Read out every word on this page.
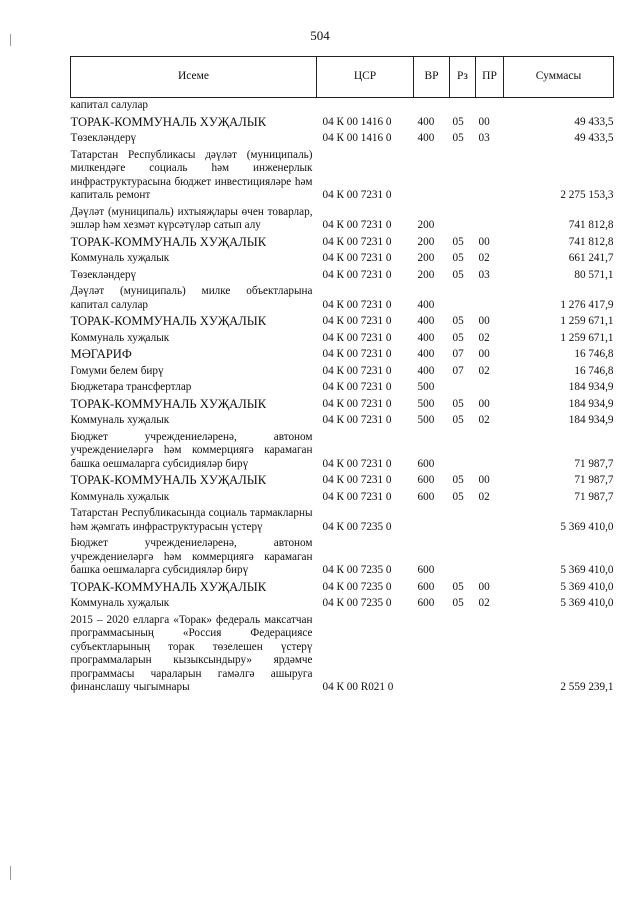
504
Исеме	ЦСР	ВР	Рз	ПР	Суммасы
капитал салулар					
ТОРАК-КОММУНАЛЬ ХУҖАЛЫК	04 К 00 1416 0	400	05	00	49 433,5
Төзекләндерү	04 К 00 1416 0	400	05	03	49 433,5
Татарстан Республикасы дәүләт (муниципаль) милкендәге социаль һәм инженерлык инфраструктурасына бюджет инвестицияләре һәм капиталь ремонт	04 К 00 7231 0				2 275 153,3
Дәүләт (муниципаль) ихтыяҗлары өчен товарлар, эшләр һәм хезмәт күрсәтүләр сатып алу	04 К 00 7231 0	200			741 812,8
ТОРАК-КОММУНАЛЬ ХУҖАЛЫК	04 К 00 7231 0	200	05	00	741 812,8
Коммуналь хуҗалык	04 К 00 7231 0	200	05	02	661 241,7
Төзекләндерү	04 К 00 7231 0	200	05	03	80 571,1
Дәүләт (муниципаль) милке объектларына капитал салулар	04 К 00 7231 0	400			1 276 417,9
ТОРАК-КОММУНАЛЬ ХУҖАЛЫК	04 К 00 7231 0	400	05	00	1 259 671,1
Коммуналь хуҗалык	04 К 00 7231 0	400	05	02	1 259 671,1
МӘГАРИФ	04 К 00 7231 0	400	07	00	16 746,8
Гомуми белем бирү	04 К 00 7231 0	400	07	02	16 746,8
Бюджетара трансфертлар	04 К 00 7231 0	500			184 934,9
ТОРАК-КОММУНАЛЬ ХУҖАЛЫК	04 К 00 7231 0	500	05	00	184 934,9
Коммуналь хуҗалык	04 К 00 7231 0	500	05	02	184 934,9
Бюджет учреждениеләренә, автоном учреждениеләргә һәм коммерциягә карамаган башка оешмаларга субсидияләр бирү	04 К 00 7231 0	600			71 987,7
ТОРАК-КОММУНАЛЬ ХУҖАЛЫК	04 К 00 7231 0	600	05	00	71 987,7
Коммуналь хуҗалык	04 К 00 7231 0	600	05	02	71 987,7
Татарстан Республикасында социаль тармакларны һәм җәмгать инфраструктурасын үстерү	04 К 00 7235 0				5 369 410,0
Бюджет учреждениеләренә, автоном учреждениеләргә һәм коммерциягә карамаган башка оешмаларга субсидияләр бирү	04 К 00 7235 0	600			5 369 410,0
ТОРАК-КОММУНАЛЬ ХУҖАЛЫК	04 К 00 7235 0	600	05	00	5 369 410,0
Коммуналь хуҗалык	04 К 00 7235 0	600	05	02	5 369 410,0
2015 – 2020 елларга «Торак» федераль максатчан программасының «Россия Федерациясе субъектларының торак төзелешен үстерү программаларын кызыксындыру» ярдәмче программасы чараларын гамәлгә ашыруга финанслашу чыгымнары	04 К 00 R021 0				2 559 239,1
